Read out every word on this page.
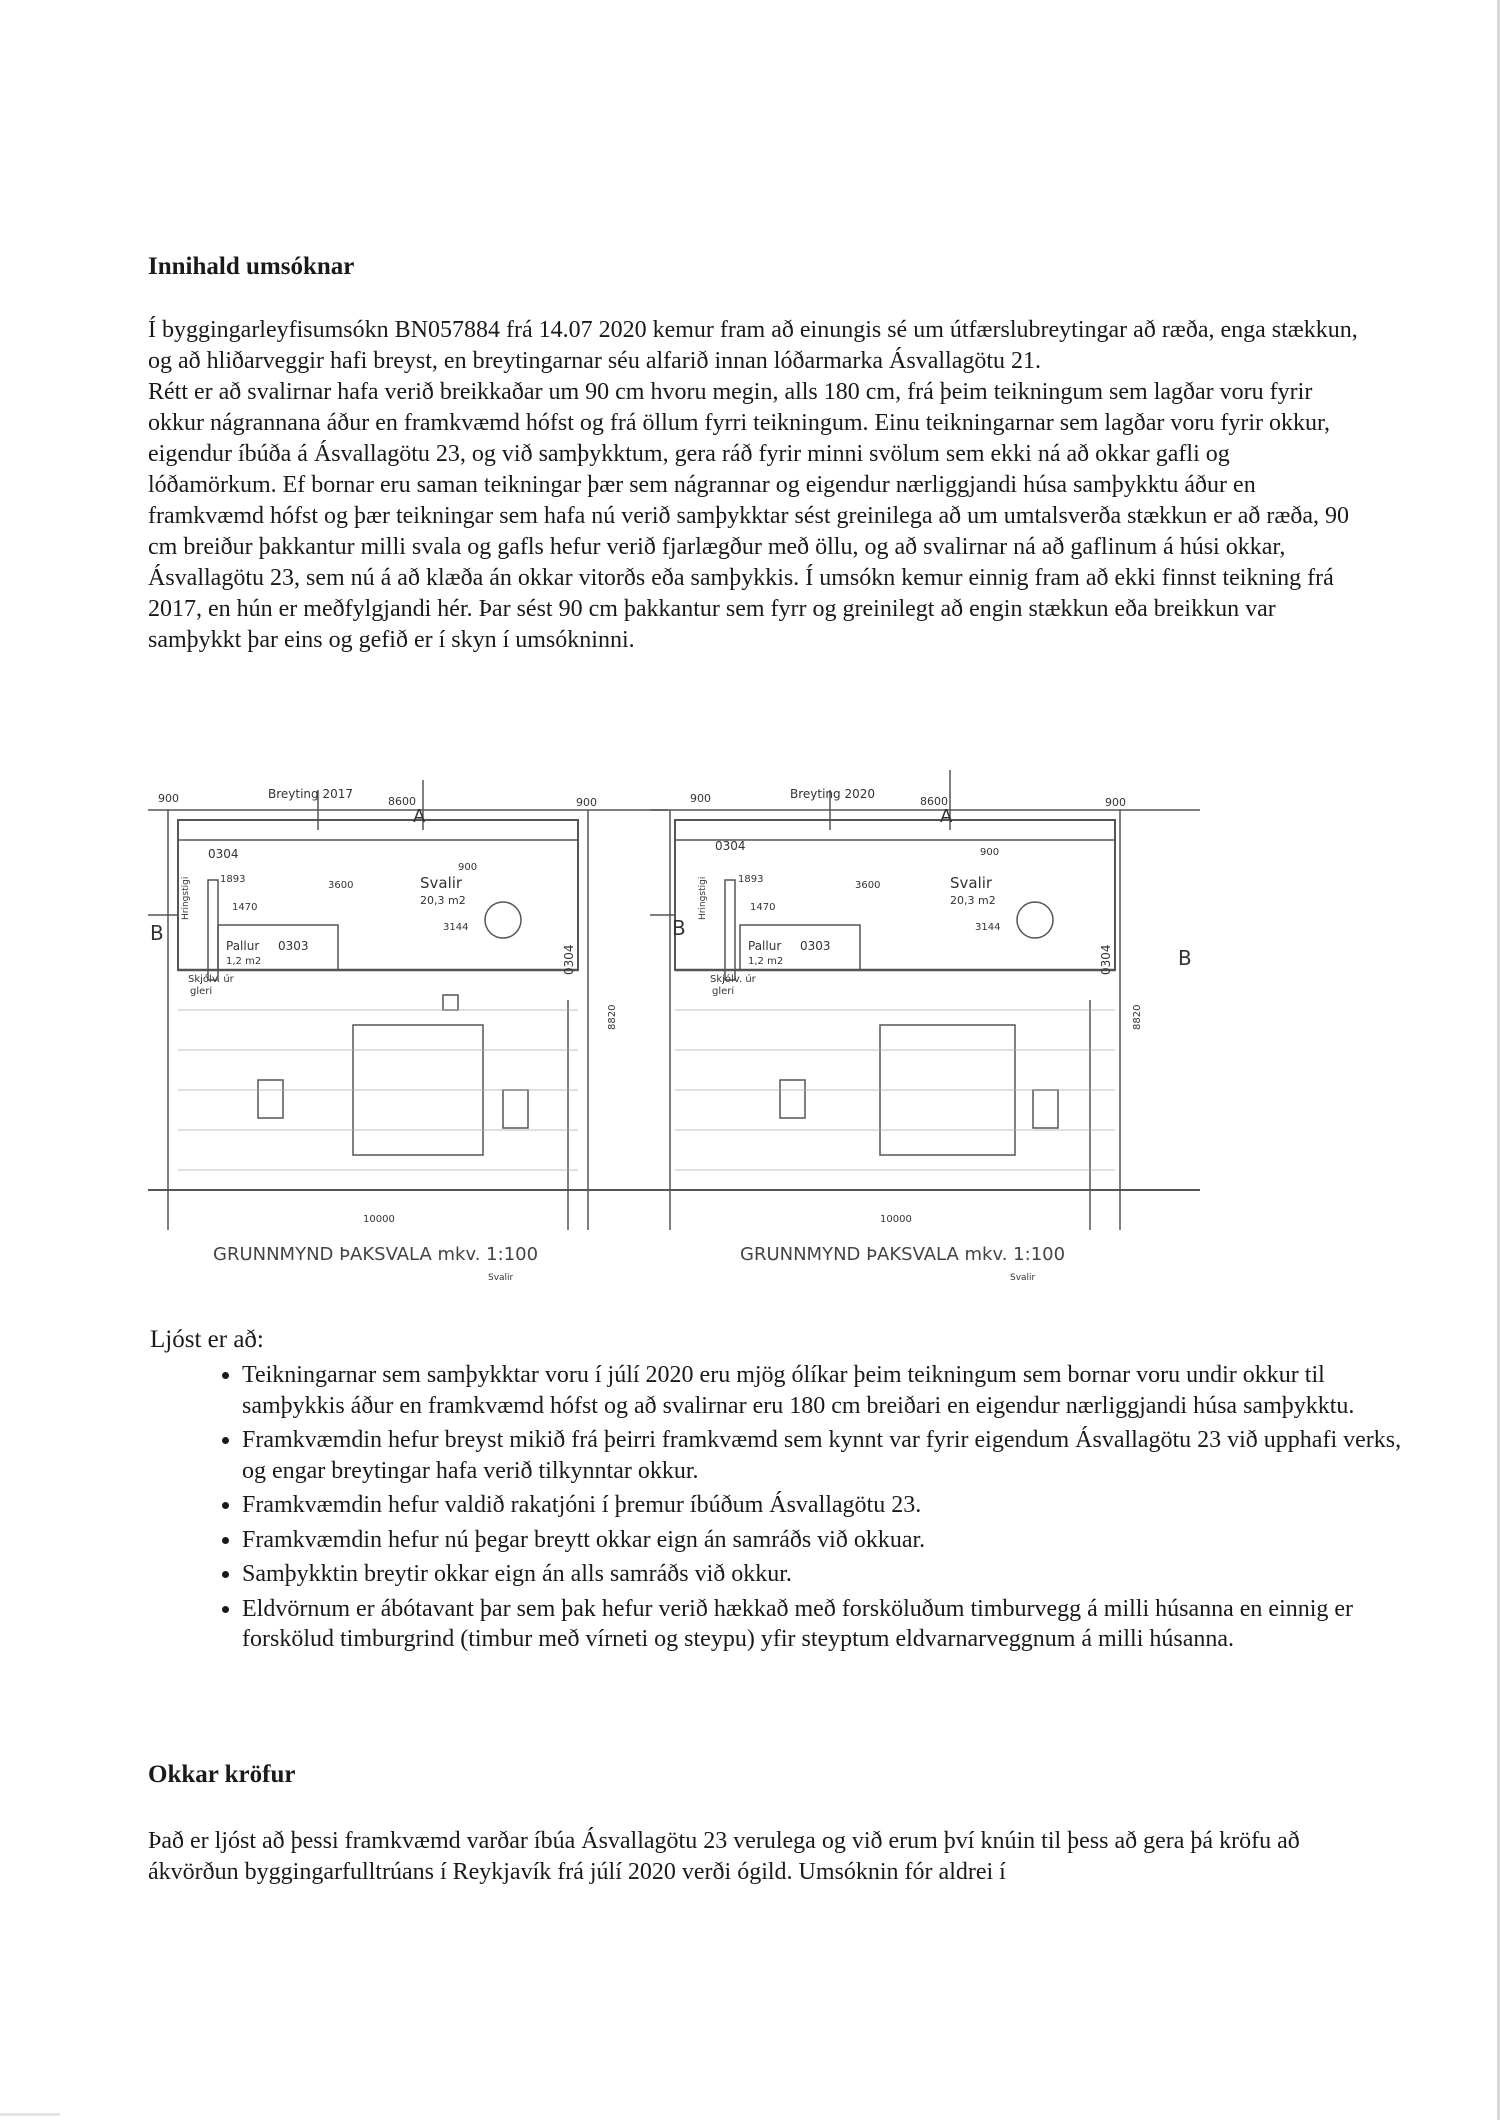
Innihald umsóknar

Í byggingarleyfisumsókn BN057884 frá 14.07 2020 kemur fram að einungis sé um útfærslubreytingar að ræða, enga stækkun, og að hliðarveggir hafi breyst, en breytingarnar séu alfarið innan lóðarmarka Ásvallagötu 21.

Rétt er að svalirnar hafa verið breikkaðar um 90 cm hvoru megin, alls 180 cm, frá þeim teikningum sem lagðar voru fyrir okkur nágrannana áður en framkvæmd hófst og frá öllum fyrri teikningum. Einu teikningarnar sem lagðar voru fyrir okkur, eigendur íbúða á Ásvallagötu 23, og við samþykktum, gera ráð fyrir minni svölum sem ekki ná að okkar gafli og lóðamörkum. Ef bornar eru saman teikningar þær sem nágrannar og eigendur nærliggjandi húsa samþykktu áður en framkvæmd hófst og þær teikningar sem hafa nú verið samþykktar sést greinilega að um umtalsverða stækkun er að ræða, 90 cm breiður þakkantur milli svala og gafls hefur verið fjarlægður með öllu, og að svalirnar ná að gaflinum á húsi okkar, Ásvallagötu 23, sem nú á að klæða án okkar vitorðs eða samþykkis. Í umsókn kemur einnig fram að ekki finnst teikning frá 2017, en hún er meðfylgjandi hér. Þar sést 90 cm þakkantur sem fyrr og greinilegt að engin stækkun eða breikkun var samþykkt þar eins og gefið er í skyn í umsókninni.

900	Breyting 2017
8600
A
900
0304
3600
1893
1470
Svalir
20,3 m2
3144
900
B
Pallur
1,2 m2
0303
Skjólv. úr
gleri
Hringstigi
0304
8820
10000
GRUNNMYND ÞAKSVALA mkv. 1:100
Svalir
900	Breyting 2020
8600
A
900
0304
3600
1893
1470
Svalir
20,3 m2
3144
900
B
B
Pallur
1,2 m2
0303
Skjólv. úr
gleri
Hringstigi
0304
8820
10000
GRUNNMYND ÞAKSVALA mkv. 1:100
Svalir

Ljóst er að:

• Teikningarnar sem samþykktar voru í júlí 2020 eru mjög ólíkar þeim teikningum sem bornar voru undir okkur til samþykkis áður en framkvæmd hófst og að svalirnar eru 180 cm breiðari en eigendur nærliggjandi húsa samþykktu.
• Framkvæmdin hefur breyst mikið frá þeirri framkvæmd sem kynnt var fyrir eigendum Ásvallagötu 23 við upphafi verks, og engar breytingar hafa verið tilkynntar okkur.
• Framkvæmdin hefur valdið rakatjóni í þremur íbúðum Ásvallagötu 23.
• Framkvæmdin hefur nú þegar breytt okkar eign án samráðs við okkuar.
• Samþykktin breytir okkar eign án alls samráðs við okkur.
• Eldvörnum er ábótavant þar sem þak hefur verið hækkað með forsköluðum timburvegg á milli húsanna en einnig er forskölud timburgrind (timbur með vírneti og steypu) yfir steyptum eldvarnarveggnum á milli húsanna.
Okkar kröfur

Það er ljóst að þessi framkvæmd varðar íbúa Ásvallagötu 23 verulega og við erum því knúin til þess að gera þá kröfu að ákvörðun byggingarfulltrúans í Reykjavík frá júlí 2020 verði ógild. Umsóknin fór aldrei í
